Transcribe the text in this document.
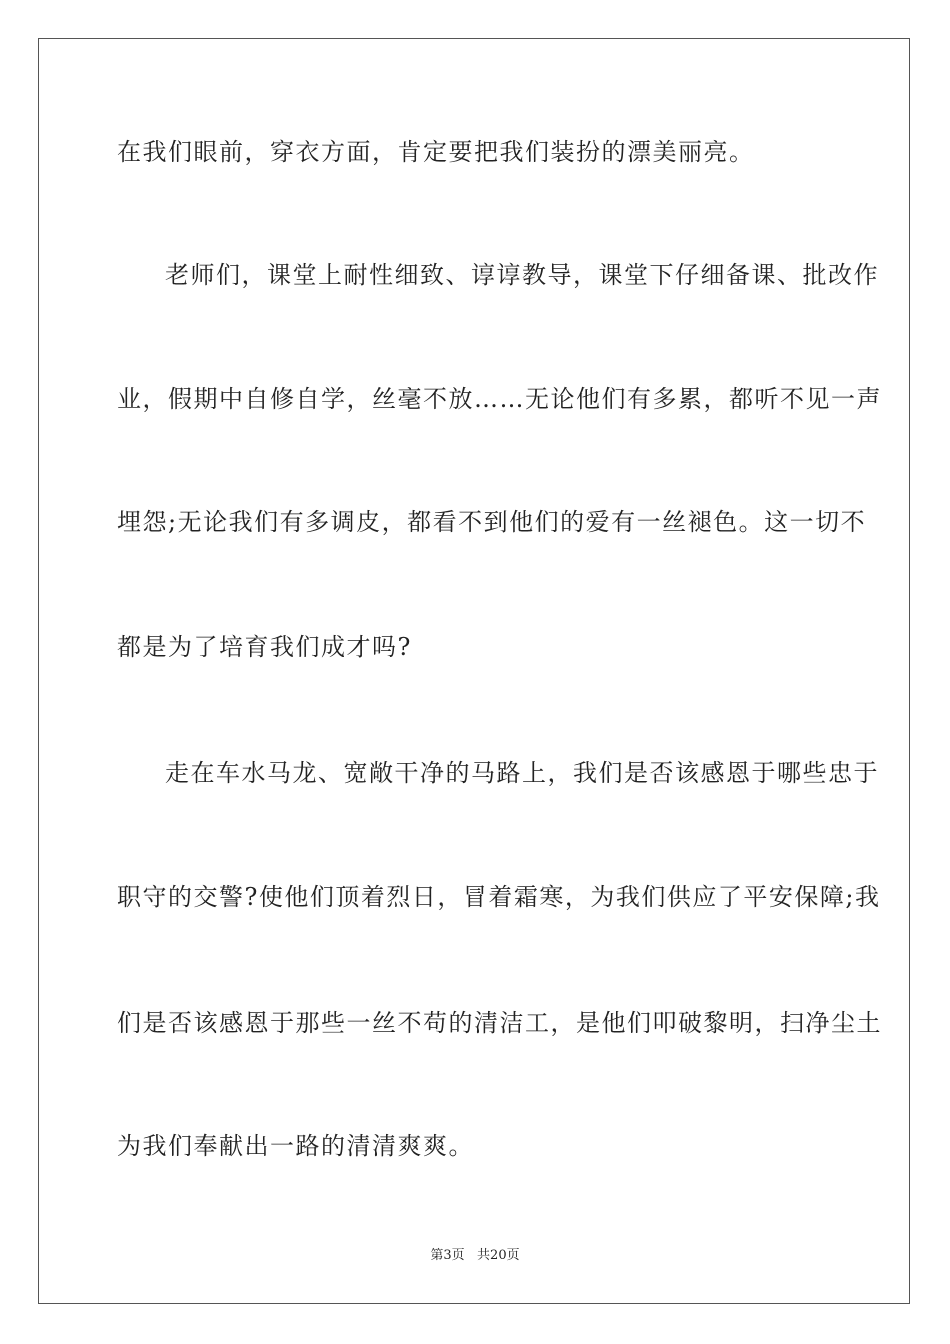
在我们眼前，穿衣方面，肯定要把我们装扮的漂美丽亮。
老师们，课堂上耐性细致、谆谆教导，课堂下仔细备课、批改作
业，假期中自修自学，丝毫不放……无论他们有多累，都听不见一声
埋怨;无论我们有多调皮，都看不到他们的爱有一丝褪色。这一切不
都是为了培育我们成才吗?
走在车水马龙、宽敞干净的马路上，我们是否该感恩于哪些忠于
职守的交警?使他们顶着烈日，冒着霜寒，为我们供应了平安保障;我
们是否该感恩于那些一丝不苟的清洁工，是他们叩破黎明，扫净尘土
为我们奉献出一路的清清爽爽。
第3页   共20页
